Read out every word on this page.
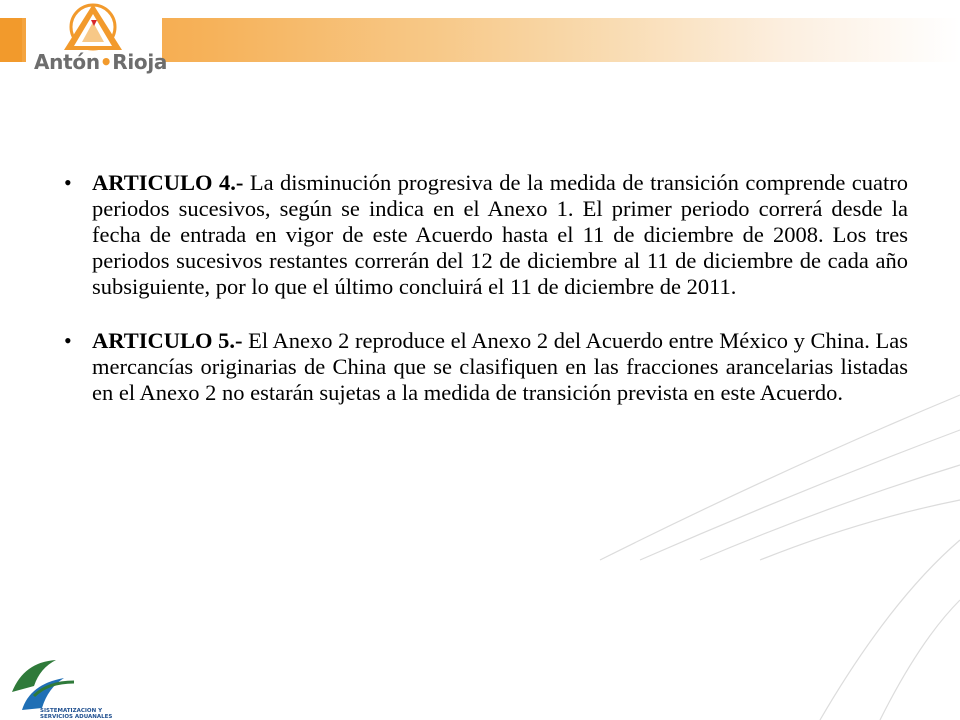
Antón•Rioja
• ARTICULO 4.- La disminución progresiva de la medida de transición comprende cuatro periodos sucesivos, según se indica en el Anexo 1. El primer periodo correrá desde la fecha de entrada en vigor de este Acuerdo hasta el 11 de diciembre de 2008. Los tres periodos sucesivos restantes correrán del 12 de diciembre al 11 de diciembre de cada año subsiguiente, por lo que el último concluirá el 11 de diciembre de 2011.
• ARTICULO 5.- El Anexo 2 reproduce el Anexo 2 del Acuerdo entre México y China. Las mercancías originarias de China que se clasifiquen en las fracciones arancelarias listadas en el Anexo 2 no estarán sujetas a la medida de transición prevista en este Acuerdo.
SISTEMATIZACION Y
SERVICIOS ADUANALES
